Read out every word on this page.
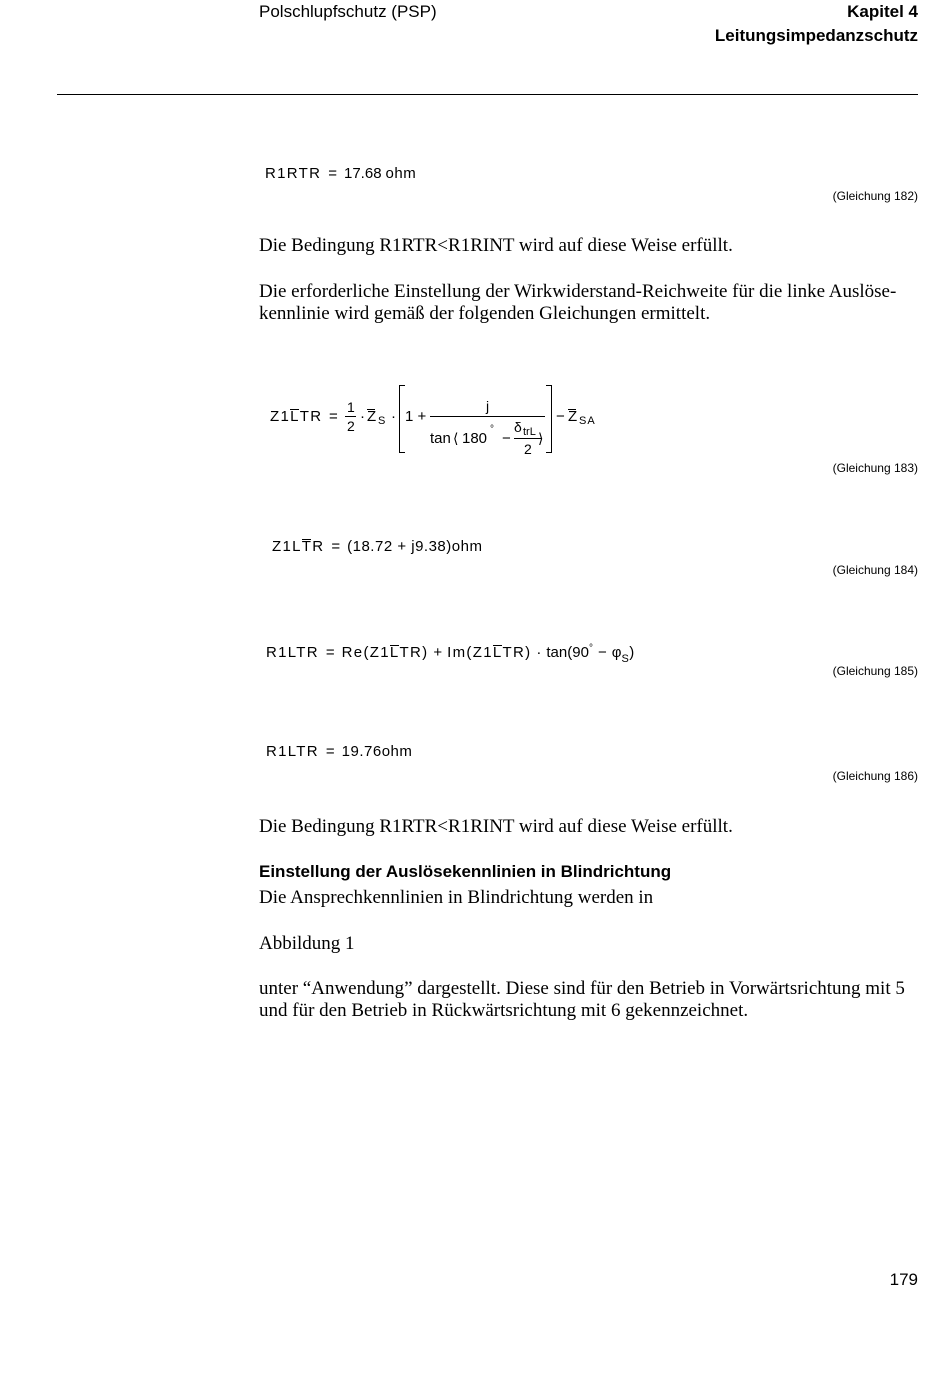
Polschlupfschutz (PSP)	Kapitel 4
Leitungsimpedanzschutz
R1RTR = 17.68 ohm
(Gleichung 182)
Die Bedingung R1RTR<R1RINT wird auf diese Weise erfüllt.
Die erforderliche Einstellung der Wirkwiderstand-Reichweite für die linke Auslöse-
kennlinie wird gemäß der folgenden Gleichungen ermittelt.
Z1LTR =
1
2
· Z S · 1 +
j
tan ⟨ 180
°
−
δ trL
2
⟩
− Z SA
(Gleichung 183)
Z1LTR = (18.72 + j9.38)ohm
(Gleichung 184)
$R1LTR = Re(Z1LTR) + Im(Z1LTR) \cdot \tan(90^\circ - \varphi_S)$
(Gleichung 185)
R1LTR = 19.76ohm
(Gleichung 186)
Die Bedingung R1RTR<R1RINT wird auf diese Weise erfüllt.
Einstellung der Auslösekennlinien in Blindrichtung
Die Ansprechkennlinien in Blindrichtung werden in
Abbildung 1
unter “Anwendung” dargestellt. Diese sind für den Betrieb in Vorwärtsrichtung mit 5
und für den Betrieb in Rückwärtsrichtung mit 6 gekennzeichnet.
179
